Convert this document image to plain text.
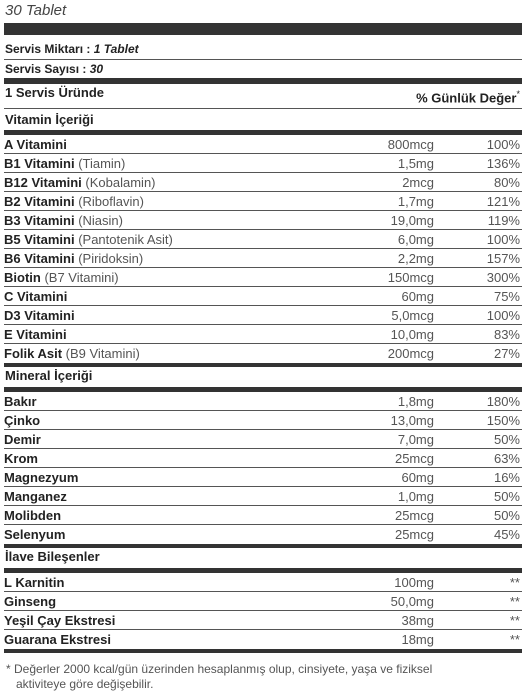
30 Tablet
Servis Miktarı : 1 Tablet
Servis Sayısı : 30
1 Servis Üründe	% Günlük Değer*
Vitamin İçeriği
A Vitamini	800mcg	100%
B1 Vitamini (Tiamin)	1,5mg	136%
B12 Vitamini (Kobalamin)	2mcg	80%
B2 Vitamini (Riboflavin)	1,7mg	121%
B3 Vitamini (Niasin)	19,0mg	119%
B5 Vitamini (Pantotenik Asit)	6,0mg	100%
B6 Vitamini (Piridoksin)	2,2mg	157%
Biotin (B7 Vitamini)	150mcg	300%
C Vitamini	60mg	75%
D3 Vitamini	5,0mcg	100%
E Vitamini	10,0mg	83%
Folik Asit (B9 Vitamini)	200mcg	27%
Mineral İçeriği
Bakır	1,8mg	180%
Çinko	13,0mg	150%
Demir	7,0mg	50%
Krom	25mcg	63%
Magnezyum	60mg	16%
Manganez	1,0mg	50%
Molibden	25mcg	50%
Selenyum	25mcg	45%
İlave Bileşenler
L Karnitin	100mg	**
Ginseng	50,0mg	**
Yeşil Çay Ekstresi	38mg	**
Guarana Ekstresi	18mg	**
* Değerler 2000 kcal/gün üzerinden hesaplanmış olup, cinsiyete, yaşa ve fiziksel
aktiviteye göre değişebilir.
